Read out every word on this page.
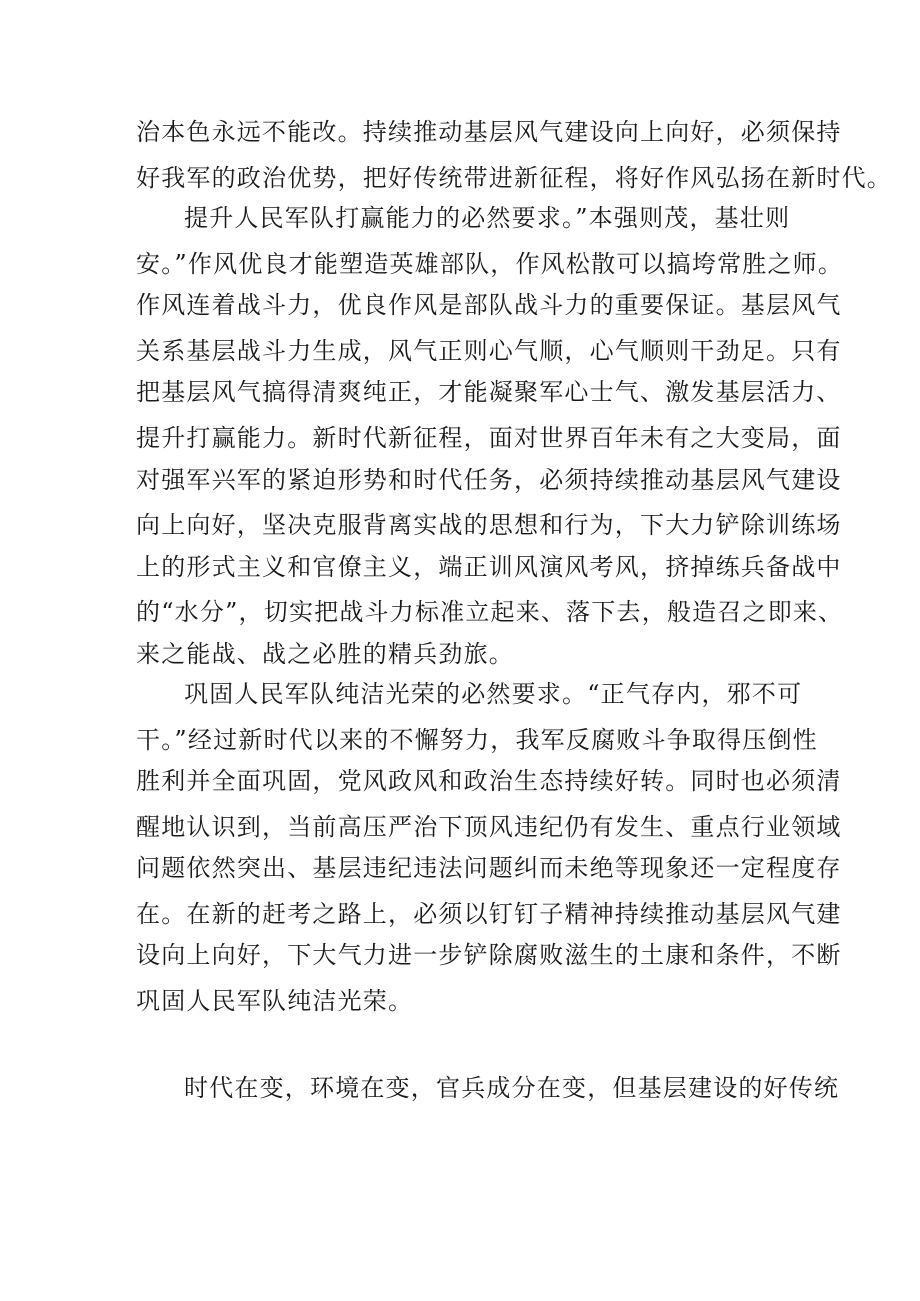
治本色永远不能改。持续推动基层风气建设向上向好，必须保持
好我军的政治优势，把好传统带进新征程，将好作风弘扬在新时代。
提升人民军队打赢能力的必然要求。”本强则茂，基壮则
安。”作风优良才能塑造英雄部队，作风松散可以搞垮常胜之师。
作风连着战斗力，优良作风是部队战斗力的重要保证。基层风气
关系基层战斗力生成，风气正则心气顺，心气顺则干劲足。只有
把基层风气搞得清爽纯正，才能凝聚军心士气、激发基层活力、
提升打赢能力。新时代新征程，面对世界百年未有之大变局，面
对强军兴军的紧迫形势和时代任务，必须持续推动基层风气建设
向上向好，坚决克服背离实战的思想和行为，下大力铲除训练场
上的形式主义和官僚主义，端正训风演风考风，挤掉练兵备战中
的“水分”，切实把战斗力标准立起来、落下去，般造召之即来、
来之能战、战之必胜的精兵劲旅。
巩固人民军队纯洁光荣的必然要求。“正气存内，邪不可
干。”经过新时代以来的不懈努力，我军反腐败斗争取得压倒性
胜利并全面巩固，党风政风和政治生态持续好转。同时也必须清
醒地认识到，当前高压严治下顶风违纪仍有发生、重点行业领域
问题依然突出、基层违纪违法问题纠而未绝等现象还一定程度存
在。在新的赶考之路上，必须以钉钉子精神持续推动基层风气建
设向上向好，下大气力进一步铲除腐败滋生的土康和条件，不断
巩固人民军队纯洁光荣。
时代在变，环境在变，官兵成分在变，但基层建设的好传统
